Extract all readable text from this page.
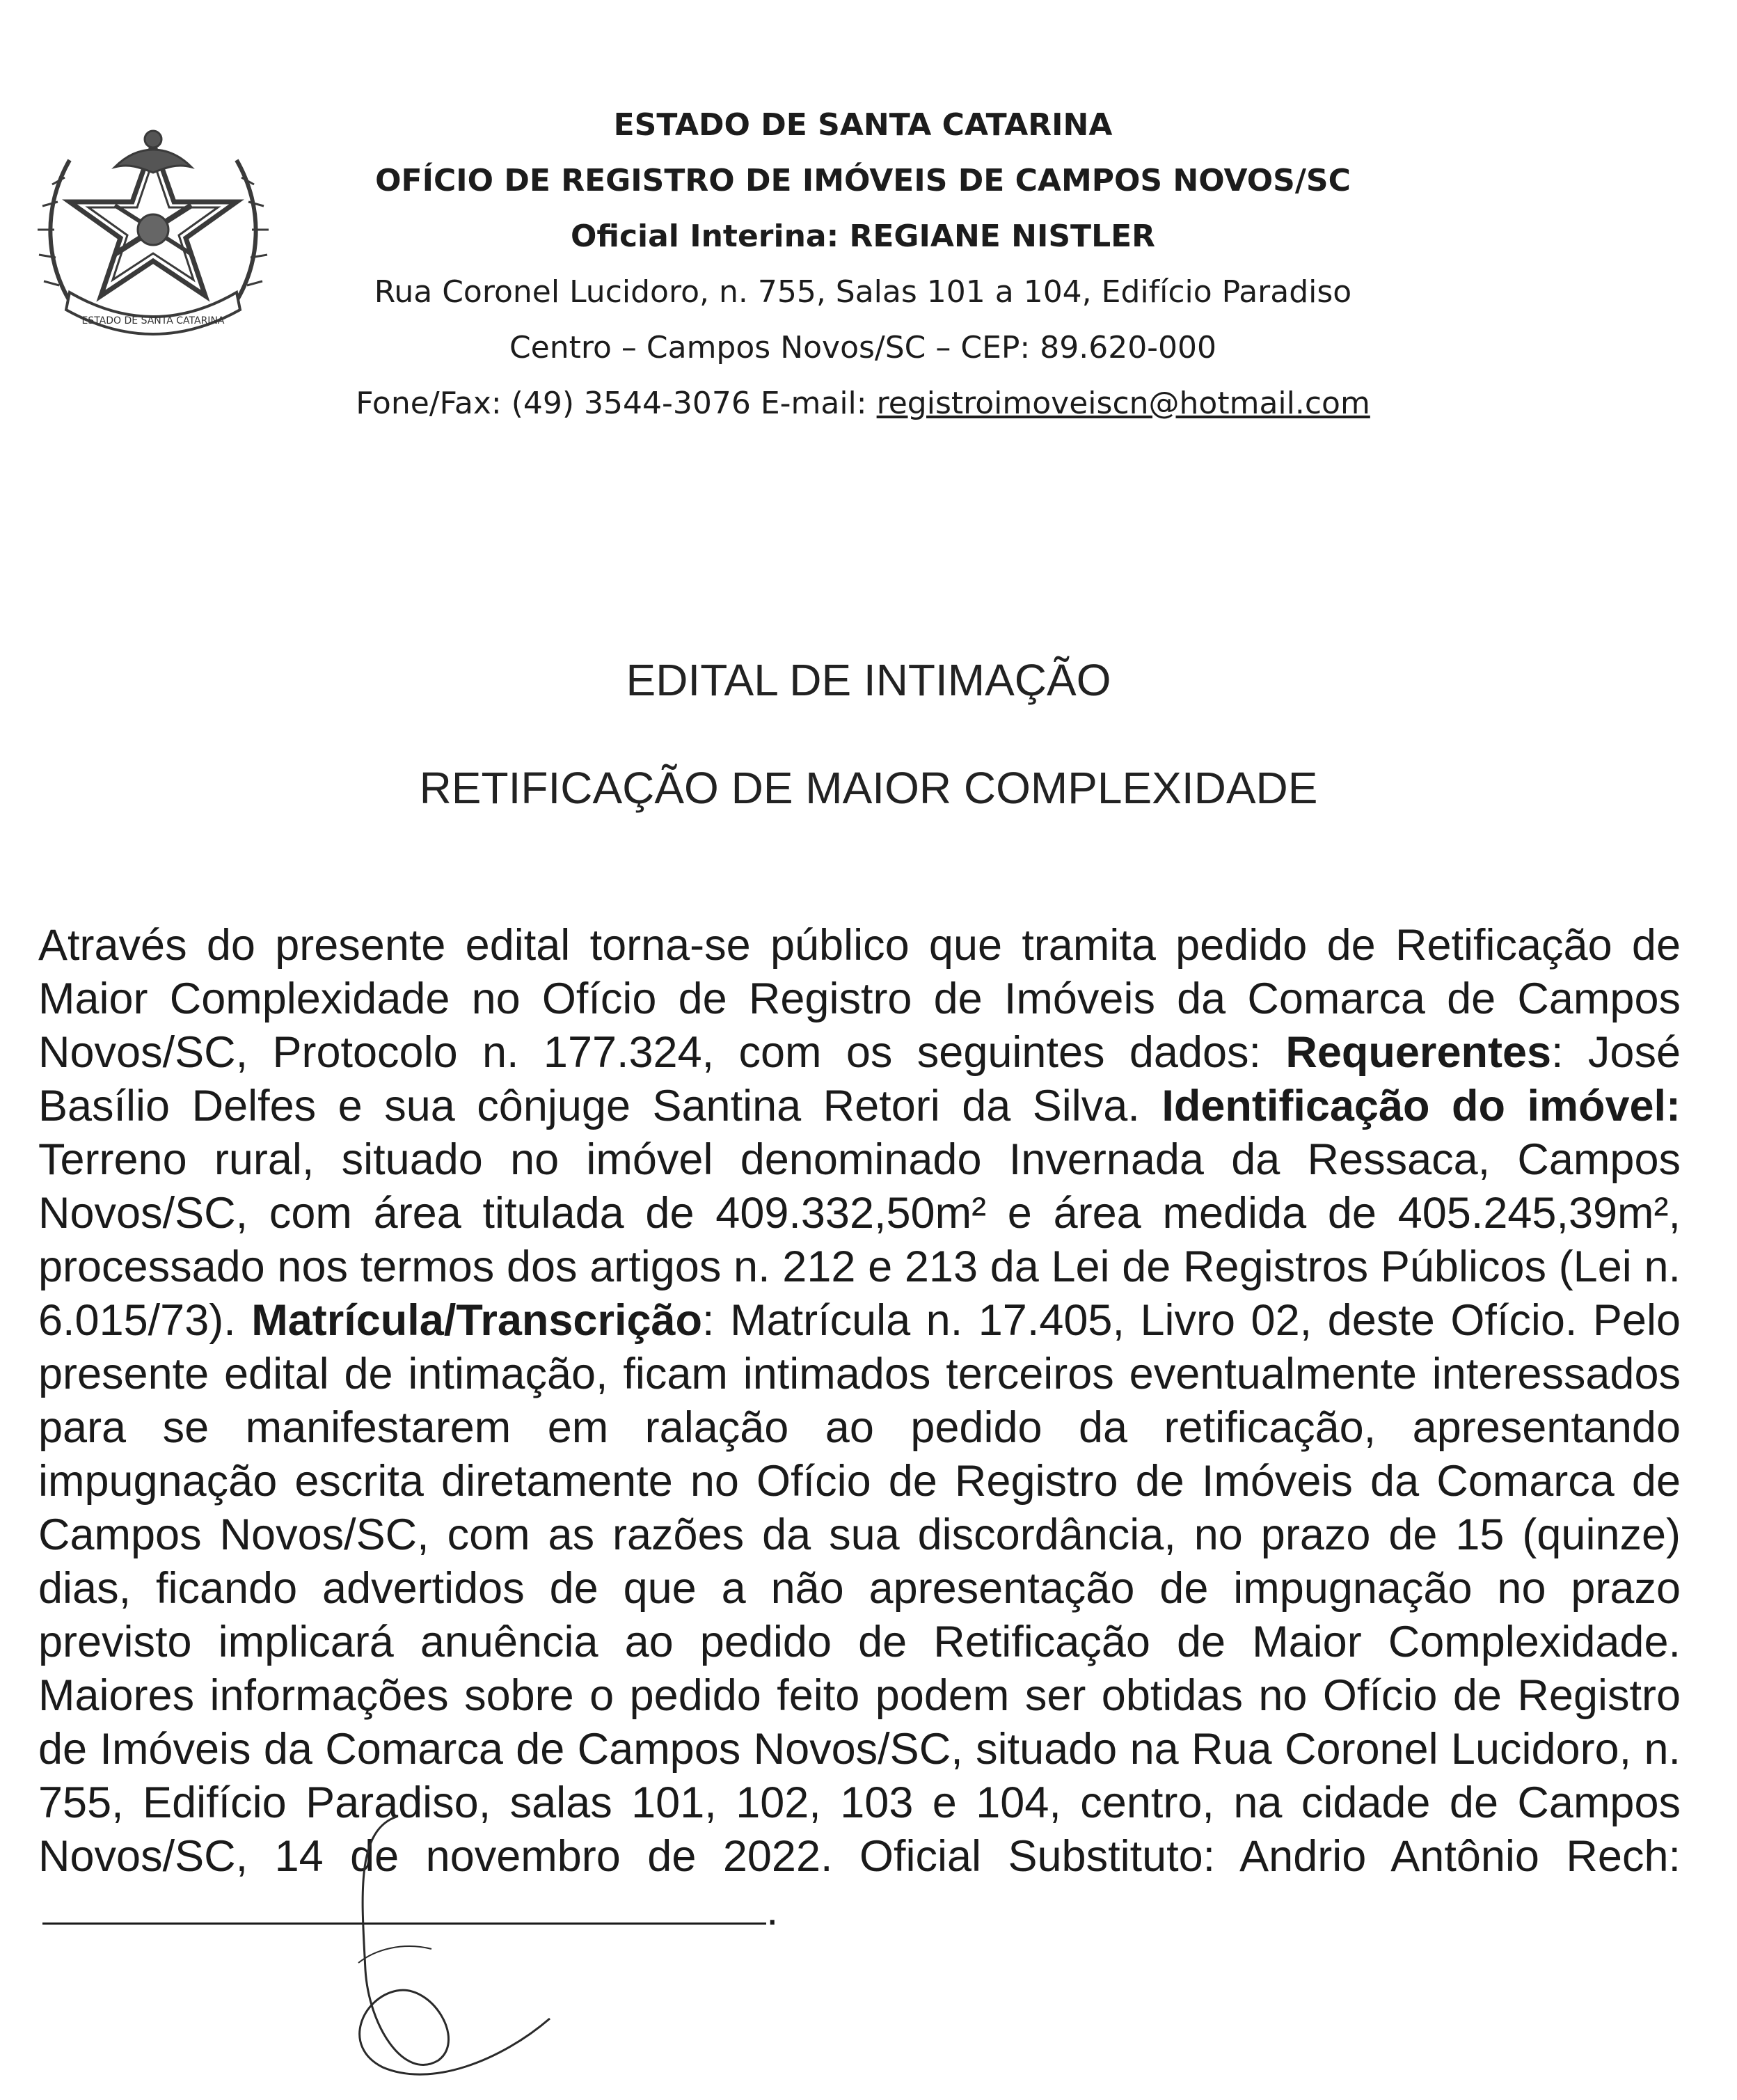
ESTADO DE SANTA CATARINA
ESTADO DE SANTA CATARINA
OFÍCIO DE REGISTRO DE IMÓVEIS DE CAMPOS NOVOS/SC
Oficial Interina: REGIANE NISTLER
Rua Coronel Lucidoro, n. 755, Salas 101 a 104, Edifício Paradiso
Centro – Campos Novos/SC – CEP: 89.620-000
Fone/Fax: (49) 3544-3076 E-mail: registroimoveiscn@hotmail.com
EDITAL DE INTIMAÇÃO
RETIFICAÇÃO DE MAIOR COMPLEXIDADE
Através do presente edital torna-se público que tramita pedido de Retificação de Maior Complexidade no Ofício de Registro de Imóveis da Comarca de Campos Novos/SC, Protocolo n. 177.324, com os seguintes dados: Requerentes: José Basílio Delfes e sua cônjuge Santina Retori da Silva. Identificação do imóvel: Terreno rural, situado no imóvel denominado Invernada da Ressaca, Campos Novos/SC, com área titulada de 409.332,50m² e área medida de 405.245,39m², processado nos termos dos artigos n. 212 e 213 da Lei de Registros Públicos (Lei n. 6.015/73). Matrícula/Transcrição: Matrícula n. 17.405, Livro 02, deste Ofício. Pelo presente edital de intimação, ficam intimados terceiros eventualmente interessados para se manifestarem em ralação ao pedido da retificação, apresentando impugnação escrita diretamente no Ofício de Registro de Imóveis da Comarca de Campos Novos/SC, com as razões da sua discordância, no prazo de 15 (quinze) dias, ficando advertidos de que a não apresentação de impugnação no prazo previsto implicará anuência ao pedido de Retificação de Maior Complexidade. Maiores informações sobre o pedido feito podem ser obtidas no Ofício de Registro de Imóveis da Comarca de Campos Novos/SC, situado na Rua Coronel Lucidoro, n. 755, Edifício Paradiso, salas 101, 102, 103 e 104, centro, na cidade de Campos Novos/SC, 14 de novembro de 2022. Oficial Substituto: Andrio Antônio Rech:.
